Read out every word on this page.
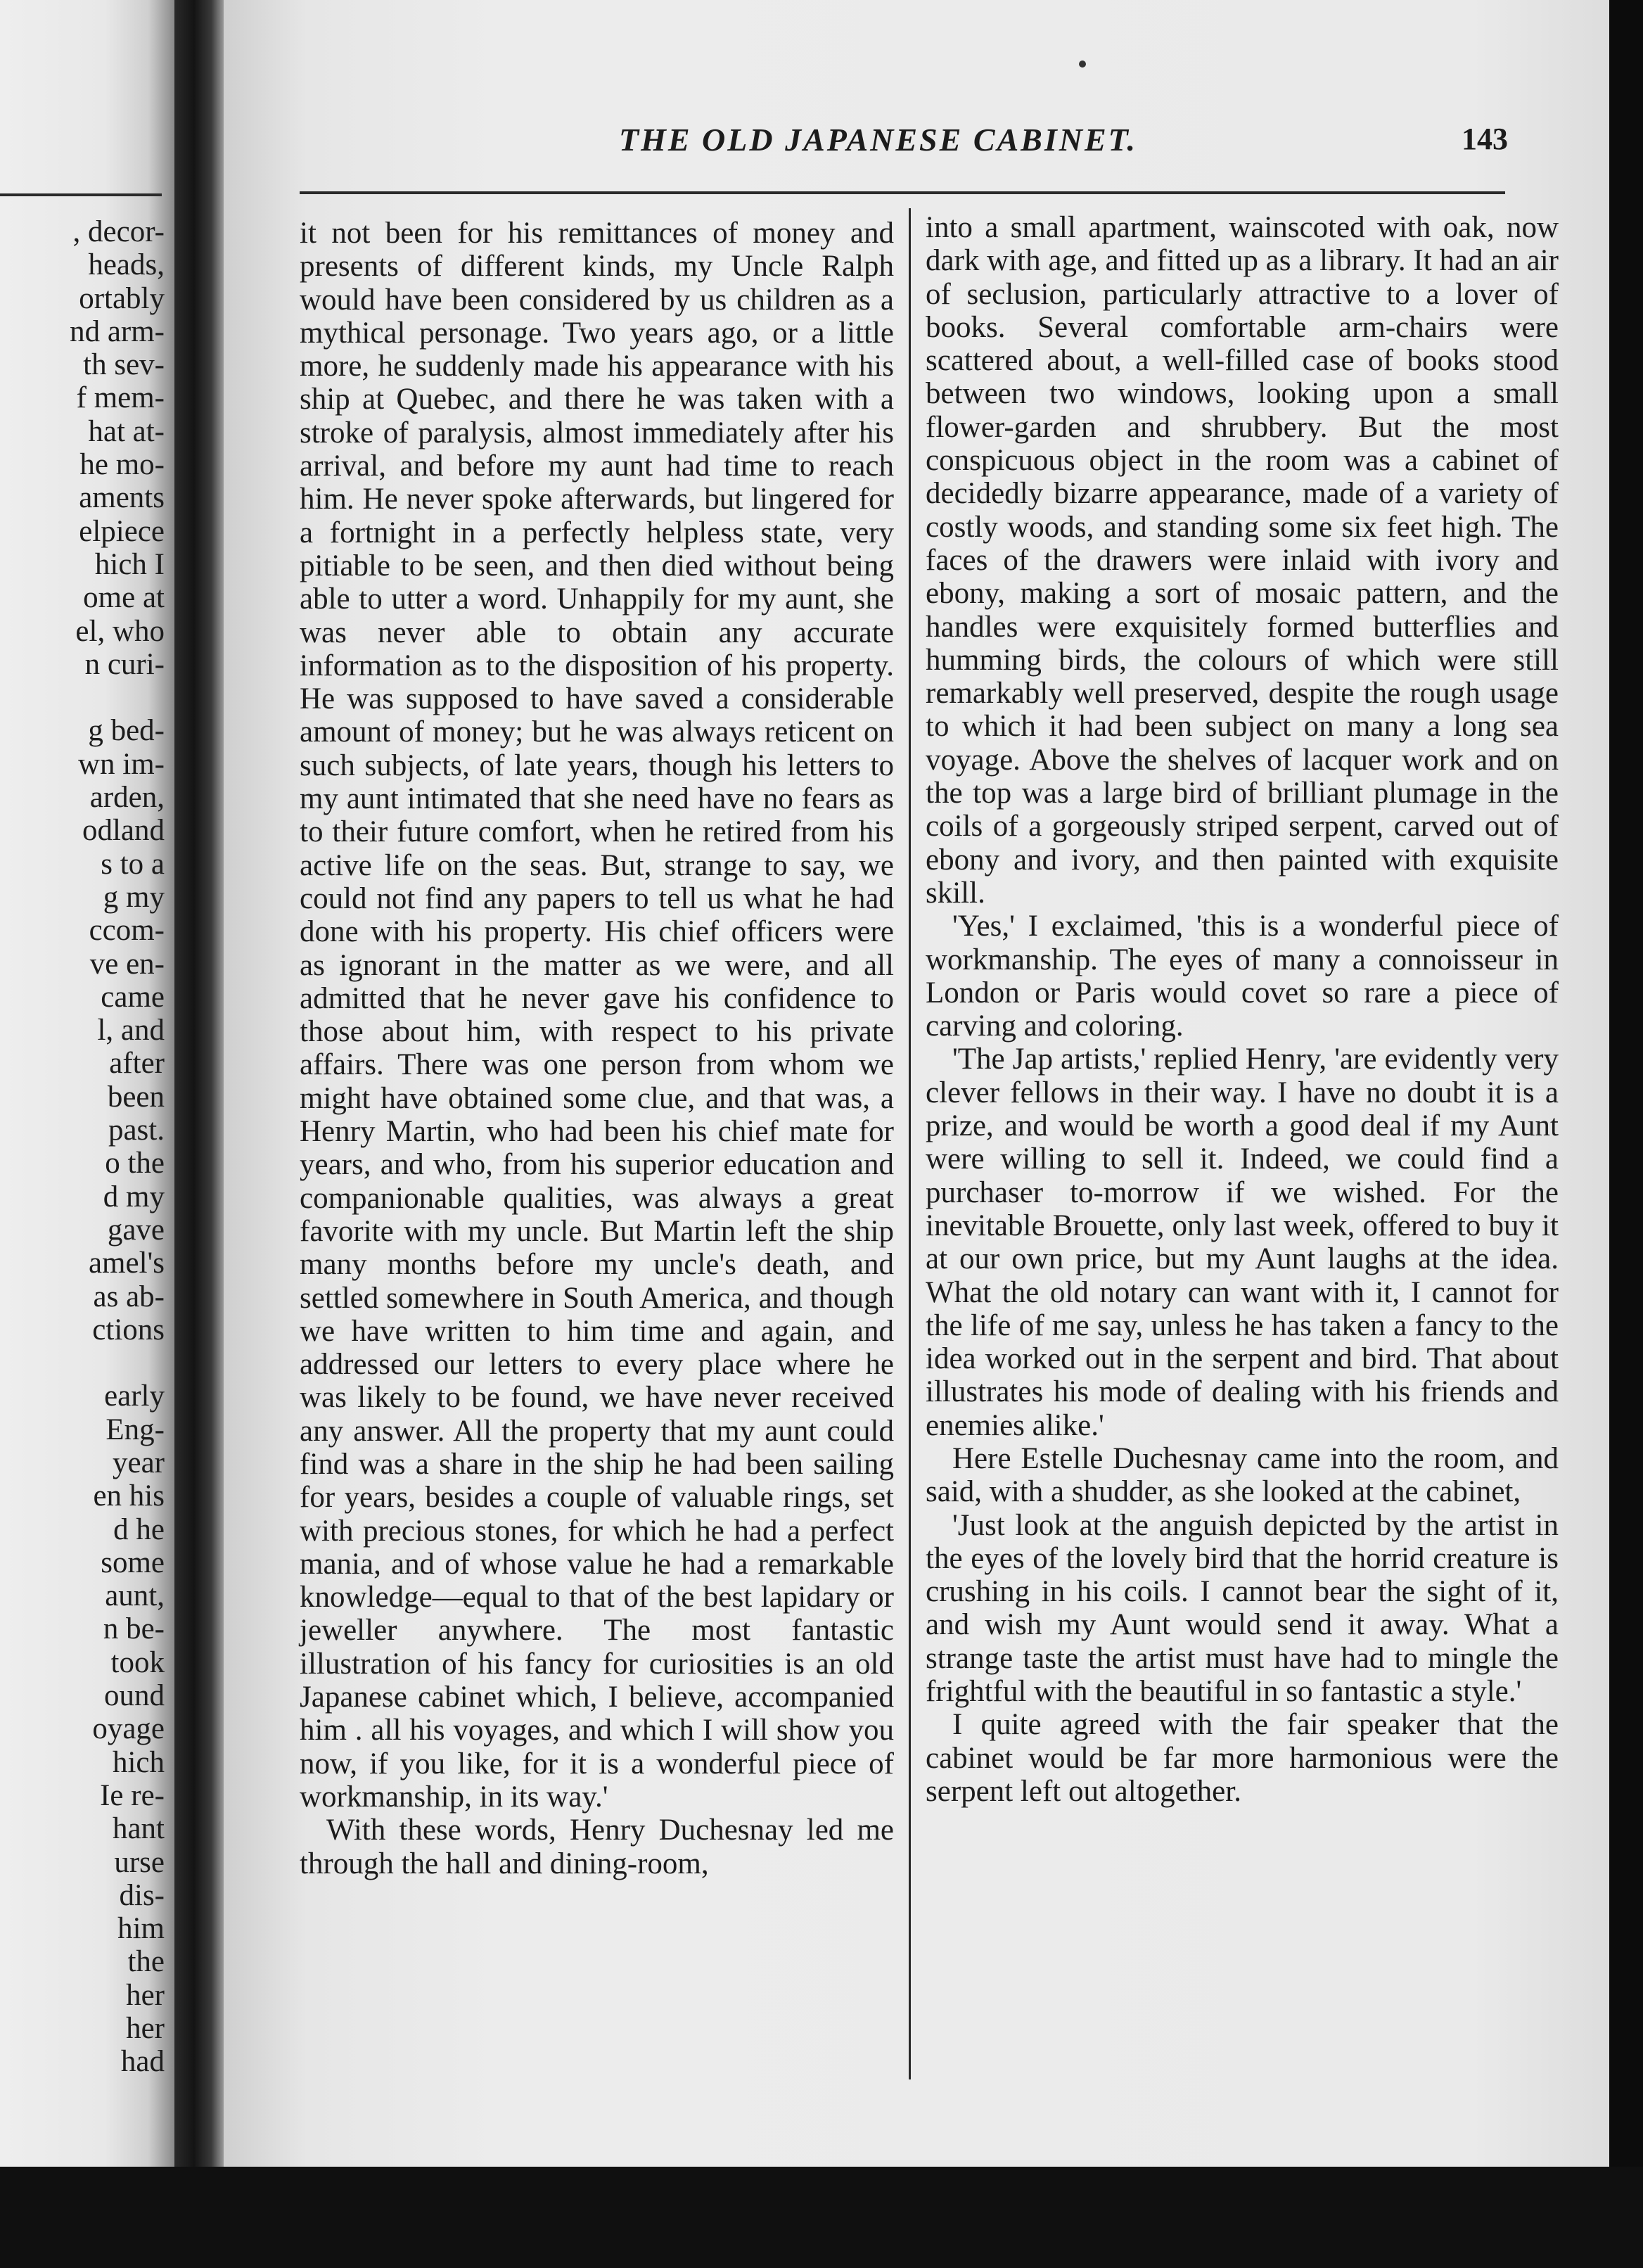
, decor-
heads,
ortably
nd arm-
th sev-
f mem-
hat at-
he mo-
aments
elpiece
hich I
ome at
el, who
n curi-
g bed-
wn im-
arden,
odland
s to a
g my
ccom-
ve en-
came
l, and
after
been
past.
o the
d my
gave
amel's
as ab-
ctions
early
Eng-
year
en his
d he
some
aunt,
n be-
took
ound
oyage
hich
Ie re-
hant
urse
dis-
him
the
her
her
had
THE OLD JAPANESE CABINET.	143

it not been for his remittances of money and presents of different kinds, my Uncle Ralph would have been considered by us children as a mythical personage. Two years ago, or a little more, he suddenly made his appearance with his ship at Quebec, and there he was taken with a stroke of paralysis, almost immediately after his arrival, and before my aunt had time to reach him. He never spoke afterwards, but lingered for a fortnight in a perfectly helpless state, very pitiable to be seen, and then died without being able to utter a word. Unhappily for my aunt, she was never able to obtain any accurate information as to the disposition of his property. He was supposed to have saved a considerable amount of money; but he was always reticent on such subjects, of late years, though his letters to my aunt intimated that she need have no fears as to their future comfort, when he retired from his active life on the seas. But, strange to say, we could not find any papers to tell us what he had done with his property. His chief officers were as ignorant in the matter as we were, and all admitted that he never gave his confidence to those about him, with respect to his private affairs. There was one person from whom we might have obtained some clue, and that was, a Henry Martin, who had been his chief mate for years, and who, from his superior education and companionable qualities, was always a great favorite with my uncle. But Martin left the ship many months before my uncle's death, and settled somewhere in South America, and though we have written to him time and again, and addressed our letters to every place where he was likely to be found, we have never received any answer. All the property that my aunt could find was a share in the ship he had been sailing for years, besides a couple of valuable rings, set with precious stones, for which he had a perfect mania, and of whose value he had a remarkable knowledge—equal to that of the best lapidary or jeweller anywhere. The most fantastic illustration of his fancy for curiosities is an old Japanese cabinet which, I believe, accompanied him . all his voyages, and which I will show you now, if you like, for it is a wonderful piece of workmanship, in its way.'

With these words, Henry Duchesnay led me through the hall and dining-room,

into a small apartment, wainscoted with oak, now dark with age, and fitted up as a library. It had an air of seclusion, particularly attractive to a lover of books. Several comfortable arm-chairs were scattered about, a well-filled case of books stood between two windows, looking upon a small flower-garden and shrubbery. But the most conspicuous object in the room was a cabinet of decidedly bizarre appearance, made of a variety of costly woods, and standing some six feet high. The faces of the drawers were inlaid with ivory and ebony, making a sort of mosaic pattern, and the handles were exquisitely formed butterflies and humming birds, the colours of which were still remarkably well preserved, despite the rough usage to which it had been subject on many a long sea voyage. Above the shelves of lacquer work and on the top was a large bird of brilliant plumage in the coils of a gorgeously striped serpent, carved out of ebony and ivory, and then painted with exquisite skill.

'Yes,' I exclaimed, 'this is a wonderful piece of workmanship. The eyes of many a connoisseur in London or Paris would covet so rare a piece of carving and coloring.

'The Jap artists,' replied Henry, 'are evidently very clever fellows in their way. I have no doubt it is a prize, and would be worth a good deal if my Aunt were willing to sell it. Indeed, we could find a purchaser to-morrow if we wished. For the inevitable Brouette, only last week, offered to buy it at our own price, but my Aunt laughs at the idea. What the old notary can want with it, I cannot for the life of me say, unless he has taken a fancy to the idea worked out in the serpent and bird. That about illustrates his mode of dealing with his friends and enemies alike.'

Here Estelle Duchesnay came into the room, and said, with a shudder, as she looked at the cabinet,

'Just look at the anguish depicted by the artist in the eyes of the lovely bird that the horrid creature is crushing in his coils. I cannot bear the sight of it, and wish my Aunt would send it away. What a strange taste the artist must have had to mingle the frightful with the beautiful in so fantastic a style.'

I quite agreed with the fair speaker that the cabinet would be far more harmonious were the serpent left out altogether.
